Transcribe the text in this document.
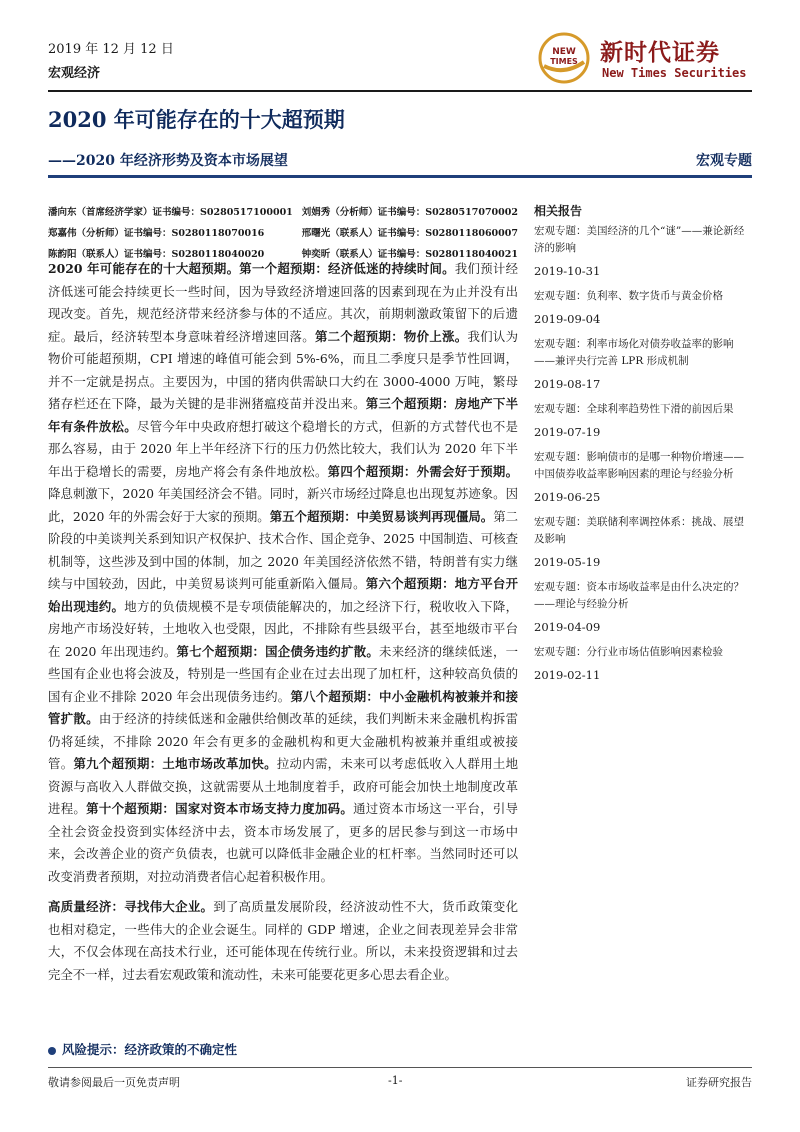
2019 年 12 月 12 日
宏观经济
NEW
TIMES 新时代证券
New Times Securities
2020 年可能存在的十大超预期
——2020 年经济形势及资本市场展望	宏观专题
潘向东（首席经济学家）证书编号：S0280517100001 刘娟秀（分析师）证书编号：S0280517070002
郑嘉伟（分析师）证书编号：S0280118070016	邢曙光（联系人）证书编号：S0280118060007
陈韵阳（联系人）证书编号：S0280118040020	钟奕昕（联系人）证书编号：S0280118040021

2020 年可能存在的十大超预期。第一个超预期：经济低迷的持续时间。我们预计经济低迷可能会持续更长一些时间，因为导致经济增速回落的因素到现在为止并没有出现改变。首先，规范经济带来经济参与体的不适应。其次，前期刺激政策留下的后遗症。最后，经济转型本身意味着经济增速回落。第二个超预期：物价上涨。我们认为物价可能超预期，CPI 增速的峰值可能会到 5%-6%，而且二季度只是季节性回调，并不一定就是拐点。主要因为，中国的猪肉供需缺口大约在 3000-4000 万吨，繁母猪存栏还在下降，最为关键的是非洲猪瘟疫苗并没出来。第三个超预期：房地产下半年有条件放松。尽管今年中央政府想打破这个稳增长的方式，但新的方式替代也不是那么容易，由于 2020 年上半年经济下行的压力仍然比较大，我们认为 2020 年下半年出于稳增长的需要，房地产将会有条件地放松。第四个超预期：外需会好于预期。降息刺激下，2020 年美国经济会不错。同时，新兴市场经过降息也出现复苏迹象。因此，2020 年的外需会好于大家的预期。第五个超预期：中美贸易谈判再现僵局。第二阶段的中美谈判关系到知识产权保护、技术合作、国企竞争、2025 中国制造、可核查机制等，这些涉及到中国的体制，加之 2020 年美国经济依然不错，特朗普有实力继续与中国较劲，因此，中美贸易谈判可能重新陷入僵局。第六个超预期：地方平台开始出现违约。地方的负债规模不是专项债能解决的，加之经济下行，税收收入下降，房地产市场没好转，土地收入也受限，因此，不排除有些县级平台，甚至地级市平台在 2020 年出现违约。第七个超预期：国企债务违约扩散。未来经济的继续低迷，一些国有企业也将会波及，特别是一些国有企业在过去出现了加杠杆，这种较高负债的国有企业不排除 2020 年会出现债务违约。第八个超预期：中小金融机构被兼并和接管扩散。由于经济的持续低迷和金融供给侧改革的延续，我们判断未来金融机构拆雷仍将延续，不排除 2020 年会有更多的金融机构和更大金融机构被兼并重组或被接管。第九个超预期：土地市场改革加快。拉动内需，未来可以考虑低收入人群用土地资源与高收入人群做交换，这就需要从土地制度着手，政府可能会加快土地制度改革进程。第十个超预期：国家对资本市场支持力度加码。通过资本市场这一平台，引导全社会资金投资到实体经济中去，资本市场发展了，更多的居民参与到这一市场中来，会改善企业的资产负债表，也就可以降低非金融企业的杠杆率。当然同时还可以改变消费者预期，对拉动消费者信心起着积极作用。

高质量经济：寻找伟大企业。到了高质量发展阶段，经济波动性不大，货币政策变化也相对稳定，一些伟大的企业会诞生。同样的 GDP 增速，企业之间表现差异会非常大，不仅会体现在高技术行业，还可能体现在传统行业。所以，未来投资逻辑和过去完全不一样，过去看宏观政策和流动性，未来可能要花更多心思去看企业。

风险提示：经济政策的不确定性
相关报告
宏观专题：美国经济的几个“谜”——兼论新经济的影响
2019-10-31
宏观专题：负利率、数字货币与黄金价格
2019-09-04
宏观专题：利率市场化对债券收益率的影响——兼评央行完善 LPR 形成机制
2019-08-17
宏观专题：全球利率趋势性下滑的前因后果
2019-07-19
宏观专题：影响债市的是哪一种物价增速——中国债券收益率影响因素的理论与经验分析
2019-06-25
宏观专题：美联储利率调控体系：挑战、展望及影响
2019-05-19
宏观专题：资本市场收益率是由什么决定的？——理论与经验分析
2019-04-09
宏观专题：分行业市场估值影响因素检验
2019-02-11
敬请参阅最后一页免责声明	-1-	证券研究报告
